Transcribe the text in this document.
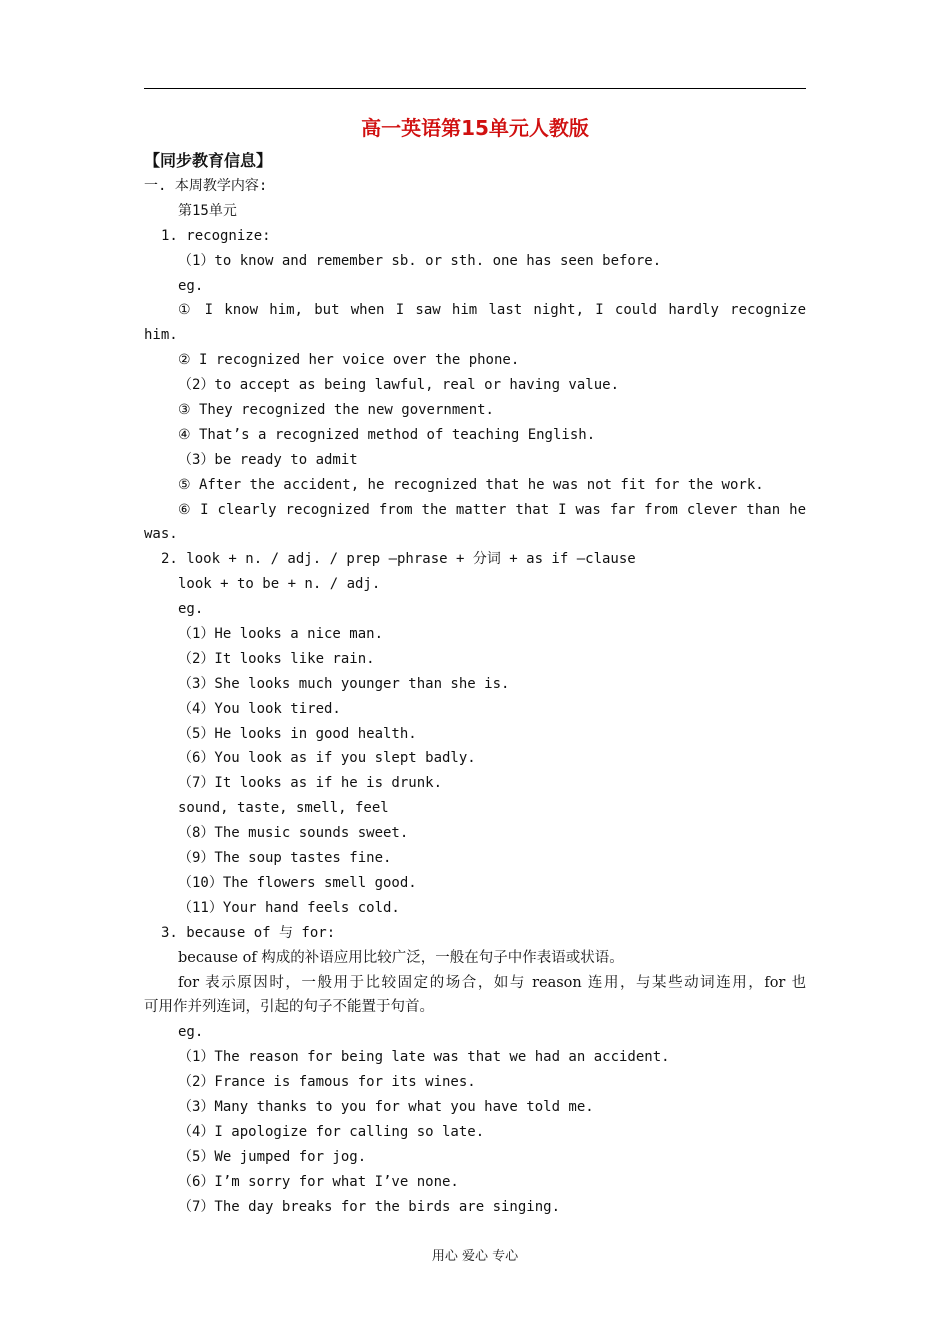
高一英语第15单元人教版
【同步教育信息】
一. 本周教学内容:
第15单元
1. recognize:
（1）to know and remember sb. or sth. one has seen before.
eg.
① I know him, but when I saw him last night, I could hardly recognize
him.
② I recognized her voice over the phone.
（2）to accept as being lawful, real or having value.
③ They recognized the new government.
④ That’s a recognized method of teaching English.
（3）be ready to admit
⑤ After the accident, he recognized that he was not fit for the work.
⑥ I clearly recognized from the matter that I was far from clever than he
was.
2. look + n. / adj. / prep –phrase + 分词 + as if –clause
look + to be + n. / adj.
eg.
（1）He looks a nice man.
（2）It looks like rain.
（3）She looks much younger than she is.
（4）You look tired.
（5）He looks in good health.
（6）You look as if you slept badly.
（7）It looks as if he is drunk.
sound, taste, smell, feel
（8）The music sounds sweet.
（9）The soup tastes fine.
（10）The flowers smell good.
（11）Your hand feels cold.
3. because of 与 for:
because of 构成的补语应用比较广泛，一般在句子中作表语或状语。
for 表示原因时，一般用于比较固定的场合，如与 reason 连用，与某些动词连用，for 也
可用作并列连词，引起的句子不能置于句首。
eg.
（1）The reason for being late was that we had an accident.
（2）France is famous for its wines.
（3）Many thanks to you for what you have told me.
（4）I apologize for calling so late.
（5）We jumped for jog.
（6）I’m sorry for what I’ve none.
（7）The day breaks for the birds are singing.
用心 爱心 专心
